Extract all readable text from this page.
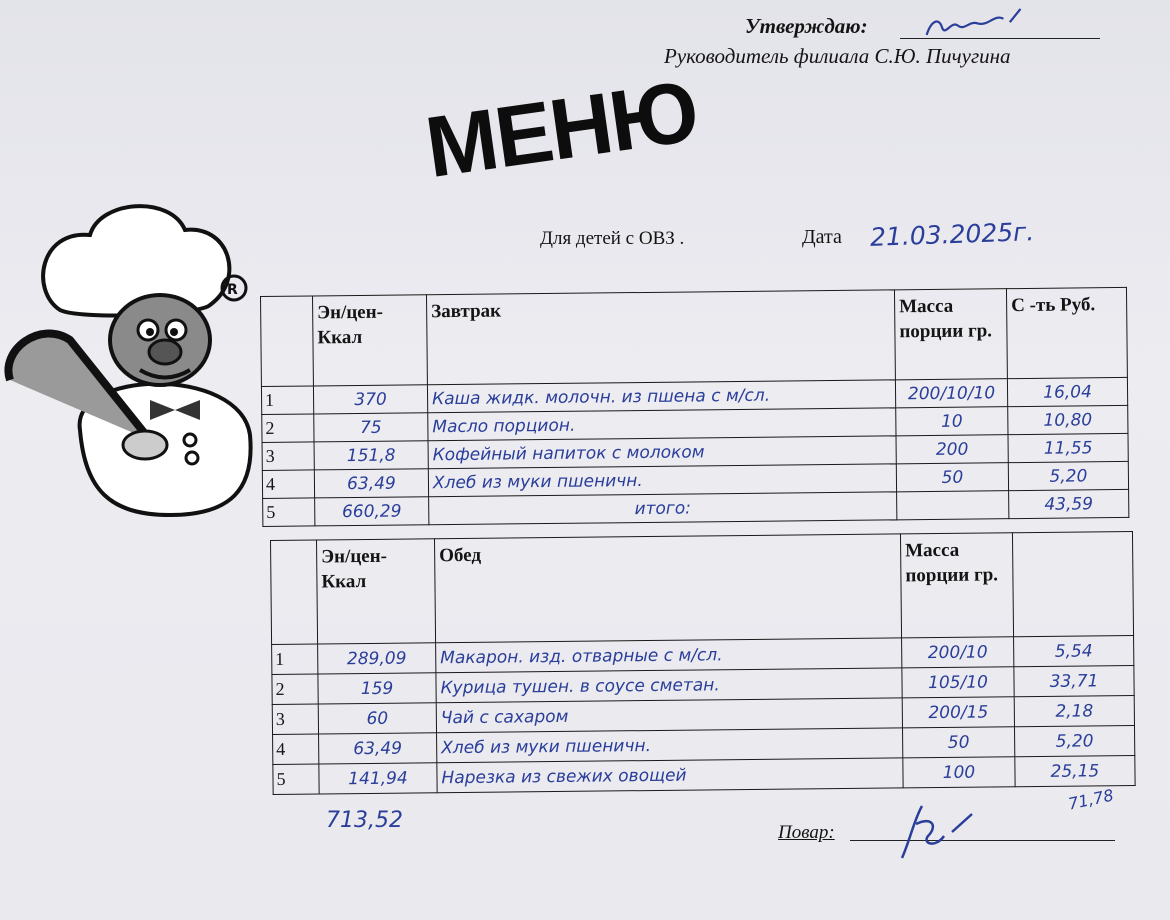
Утверждаю:
Руководитель филиала С.Ю. Пичугина
МЕНЮ
Для детей с ОВЗ .	Дата 21.03.2025г.
R
	Эн/цен-Ккал	Завтрак	Масса порции гр.	С -ть Руб.
1	370	Каша жидк. молочн. из пшена с м/сл.	200/10/10	16,04
2	75	Масло порцион.	10	10,80
3	151,8	Кофейный напиток с молоком	200	11,55
4	63,49	Хлеб из муки пшеничн.	50	5,20
5	660,29	итого:		43,59
	Эн/цен-Ккал	Обед	Масса порции гр.	
1	289,09	Макарон. изд. отварные с м/сл.	200/10	5,54
2	159	Курица тушен. в соусе сметан.	105/10	33,71
3	60	Чай с сахаром	200/15	2,18
4	63,49	Хлеб из муки пшеничн.	50	5,20
5	141,94	Нарезка из свежих овощей	100	25,15
713,52
71,78
Повар:
